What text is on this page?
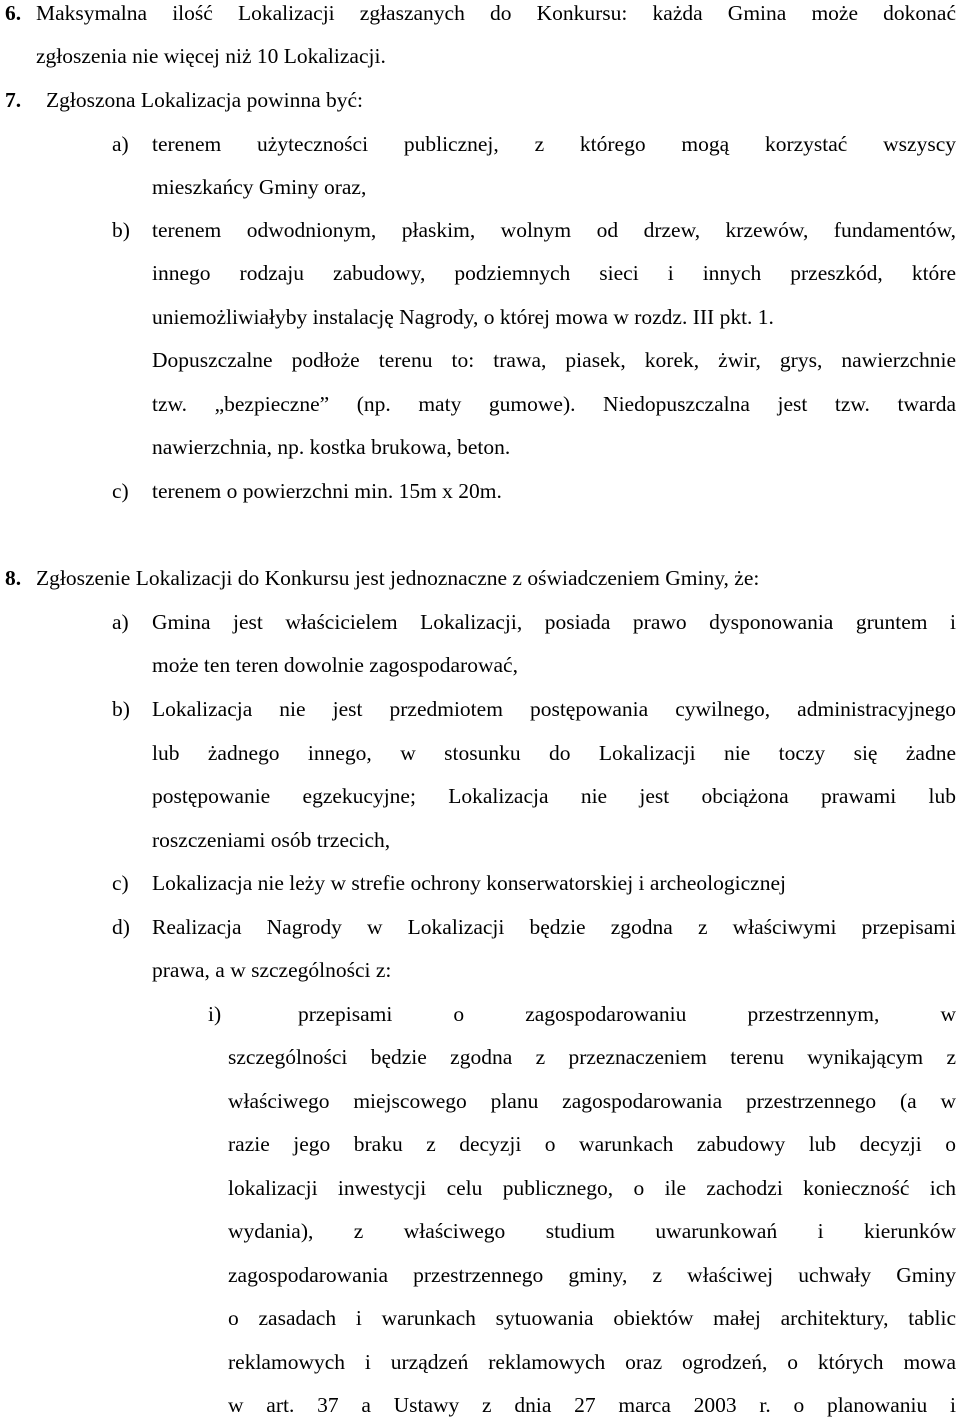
6. Maksymalna ilość Lokalizacji zgłaszanych do Konkursu: każda Gmina może dokonać
zgłoszenia nie więcej niż 10 Lokalizacji.
7. Zgłoszona Lokalizacja powinna być:
a) terenem użyteczności publicznej, z którego mogą korzystać wszyscy
mieszkańcy Gminy oraz,
b) terenem odwodnionym, płaskim, wolnym od drzew, krzewów, fundamentów,
innego rodzaju zabudowy, podziemnych sieci i innych przeszkód, które
uniemożliwiałyby instalację Nagrody, o której mowa w rozdz. III pkt. 1.
Dopuszczalne podłoże terenu to: trawa, piasek, korek, żwir, grys, nawierzchnie
tzw. „bezpieczne” (np. maty gumowe). Niedopuszczalna jest tzw. twarda
nawierzchnia, np. kostka brukowa, beton.
c) terenem o powierzchni min. 15m x 20m.
8. Zgłoszenie Lokalizacji do Konkursu jest jednoznaczne z oświadczeniem Gminy, że:
a) Gmina jest właścicielem Lokalizacji, posiada prawo dysponowania gruntem i
może ten teren dowolnie zagospodarować,
b) Lokalizacja nie jest przedmiotem postępowania cywilnego, administracyjnego
lub żadnego innego, w stosunku do Lokalizacji nie toczy się żadne
postępowanie egzekucyjne; Lokalizacja nie jest obciążona prawami lub
roszczeniami osób trzecich,
c) Lokalizacja nie leży w strefie ochrony konserwatorskiej i archeologicznej
d) Realizacja Nagrody w Lokalizacji będzie zgodna z właściwymi przepisami
prawa, a w szczególności z:
i)	przepisami o zagospodarowaniu przestrzennym, w
szczególności będzie zgodna z przeznaczeniem terenu wynikającym z
właściwego miejscowego planu zagospodarowania przestrzennego (a w
razie jego braku z decyzji o warunkach zabudowy lub decyzji o
lokalizacji inwestycji celu publicznego, o ile zachodzi konieczność ich
wydania), z właściwego studium uwarunkowań i kierunków
zagospodarowania przestrzennego gminy, z właściwej uchwały Gminy
o zasadach i warunkach sytuowania obiektów małej architektury, tablic
reklamowych i urządzeń reklamowych oraz ogrodzeń, o których mowa
w art. 37 a Ustawy z dnia 27 marca 2003 r. o planowaniu i
